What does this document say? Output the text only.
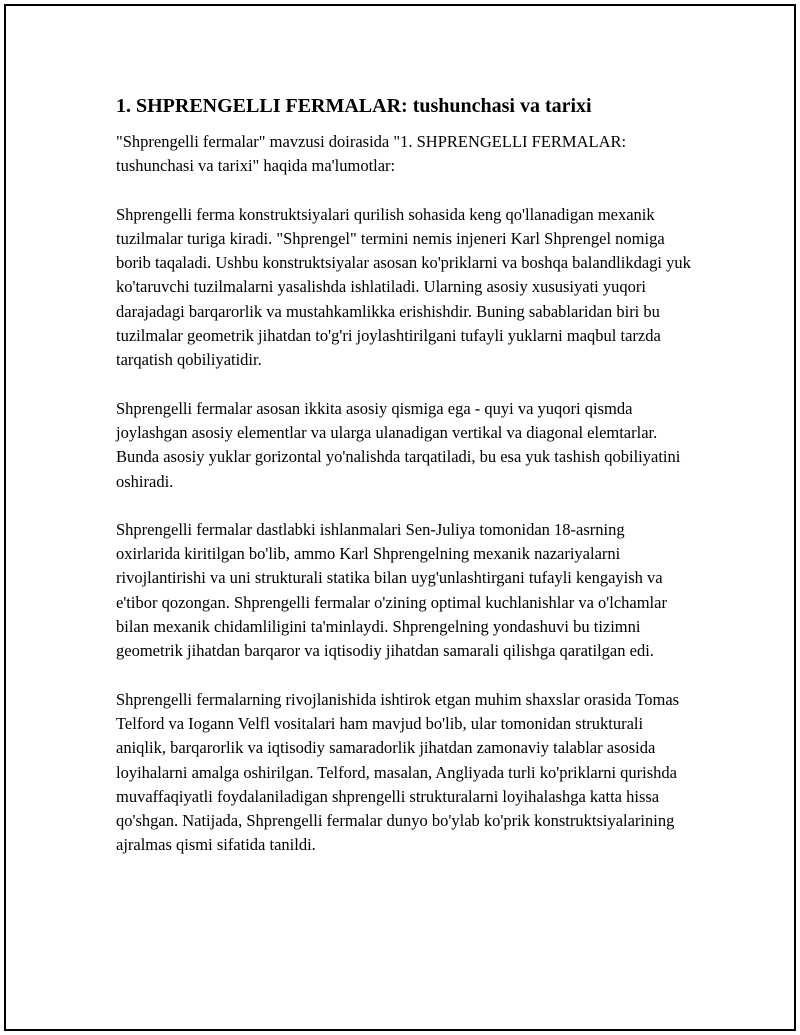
1. SHPRENGELLI FERMALAR: tushunchasi va tarixi

"Shprengelli fermalar" mavzusi doirasida "1. SHPRENGELLI FERMALAR: tushunchasi va tarixi" haqida ma'lumotlar:

Shprengelli ferma konstruktsiyalari qurilish sohasida keng qo'llanadigan mexanik tuzilmalar turiga kiradi. "Shprengel" termini nemis injeneri Karl Shprengel nomiga borib taqaladi. Ushbu konstruktsiyalar asosan ko'priklarni va boshqa balandlikdagi yuk ko'taruvchi tuzilmalarni yasalishda ishlatiladi. Ularning asosiy xususiyati yuqori darajadagi barqarorlik va mustahkamlikka erishishdir. Buning sabablaridan biri bu tuzilmalar geometrik jihatdan to'g'ri joylashtirilgani tufayli yuklarni maqbul tarzda tarqatish qobiliyatidir.

Shprengelli fermalar asosan ikkita asosiy qismiga ega - quyi va yuqori qismda joylashgan asosiy elementlar va ularga ulanadigan vertikal va diagonal elemtarlar. Bunda asosiy yuklar gorizontal yo'nalishda tarqatiladi, bu esa yuk tashish qobiliyatini oshiradi.

Shprengelli fermalar dastlabki ishlanmalari Sen-Juliya tomonidan 18-asrning oxirlarida kiritilgan bo'lib, ammo Karl Shprengelning mexanik nazariyalarni rivojlantirishi va uni strukturali statika bilan uyg'unlashtirgani tufayli kengayish va e'tibor qozongan. Shprengelli fermalar o'zining optimal kuchlanishlar va o'lchamlar bilan mexanik chidamliligini ta'minlaydi. Shprengelning yondashuvi bu tizimni geometrik jihatdan barqaror va iqtisodiy jihatdan samarali qilishga qaratilgan edi.

Shprengelli fermalarning rivojlanishida ishtirok etgan muhim shaxslar orasida Tomas Telford va Iogann Velfl vositalari ham mavjud bo'lib, ular tomonidan strukturali aniqlik, barqarorlik va iqtisodiy samaradorlik jihatdan zamonaviy talablar asosida loyihalarni amalga oshirilgan. Telford, masalan, Angliyada turli ko'priklarni qurishda muvaffaqiyatli foydalaniladigan shprengelli strukturalarni loyihalashga katta hissa qo'shgan. Natijada, Shprengelli fermalar dunyo bo'ylab ko'prik konstruktsiyalarining ajralmas qismi sifatida tanildi.
